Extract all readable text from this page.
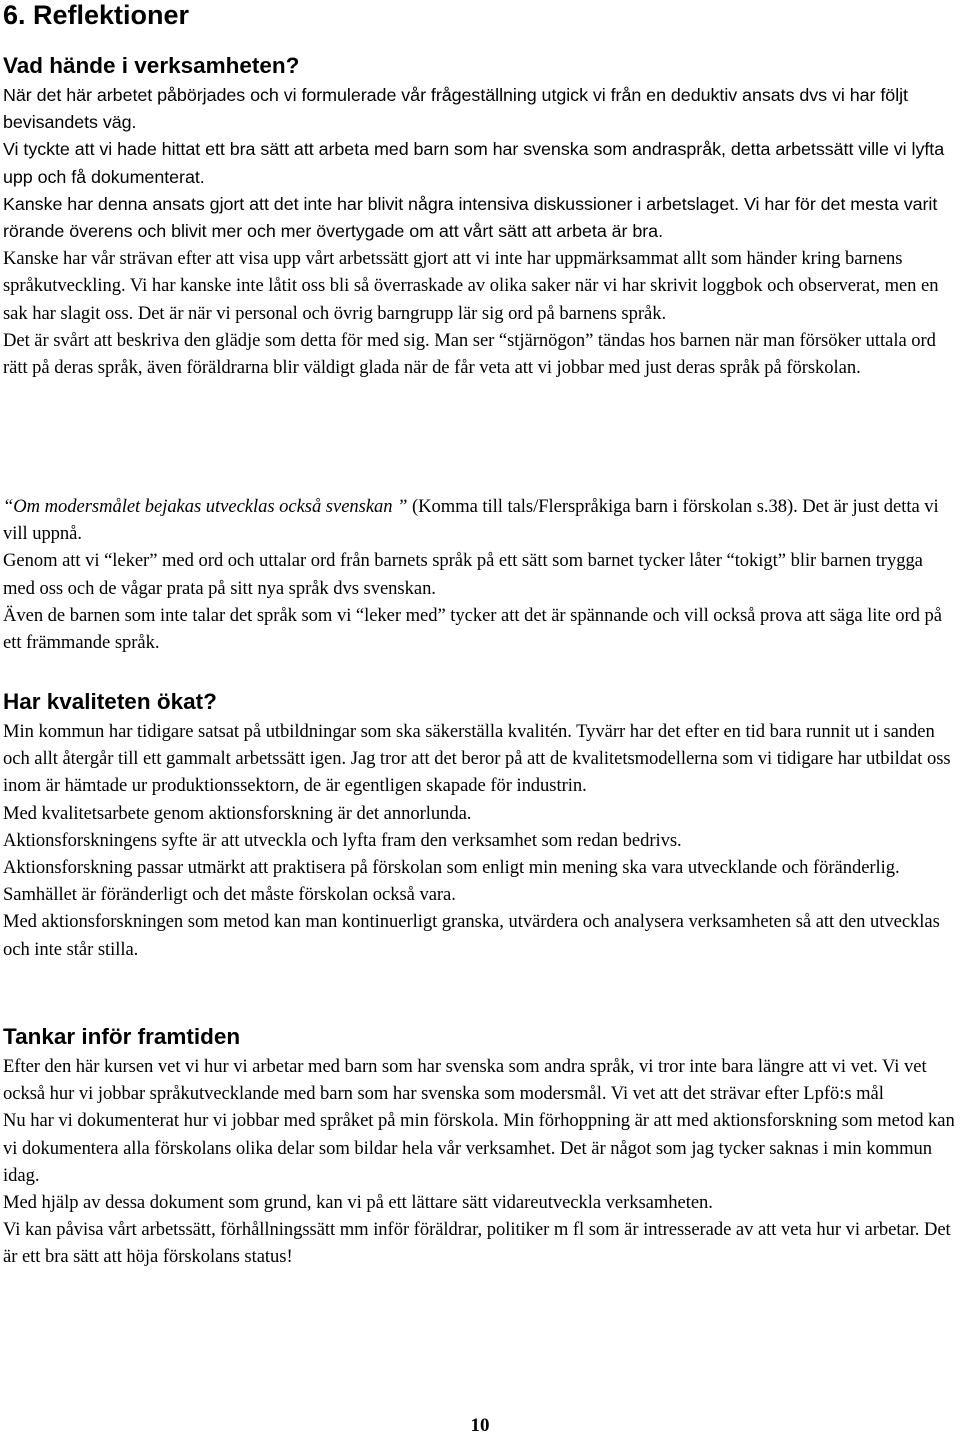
6. Reflektioner
Vad hände i verksamheten?
När det här arbetet påbörjades och vi formulerade vår frågeställning utgick vi från en deduktiv ansats dvs vi har följt bevisandets väg.
Vi tyckte att vi hade hittat ett bra sätt att arbeta med barn som har svenska som andraspråk, detta arbetssätt ville vi lyfta upp och få dokumenterat.
Kanske har denna ansats gjort att det inte har blivit några intensiva diskussioner i arbetslaget. Vi har för det mesta varit rörande överens och blivit mer och mer övertygade om att vårt sätt att arbeta är bra.
Kanske har vår strävan efter att visa upp vårt arbetssätt gjort att vi inte har uppmärksammat allt som händer kring barnens språkutveckling. Vi har kanske inte låtit oss bli så överraskade av olika saker när vi har skrivit loggbok och observerat, men en sak har slagit oss. Det är när vi personal och övrig barngrupp lär sig ord på barnens språk.
Det är svårt att beskriva den glädje som detta för med sig. Man ser “stjärnögon” tändas hos barnen när man försöker uttala ord rätt på deras språk, även föräldrarna blir väldigt glada när de får veta att vi jobbar med just deras språk på förskolan.
“Om modersmålet bejakas utvecklas också svenskan ” (Komma till tals/Flerspråkiga barn i förskolan s.38). Det är just detta vi vill uppnå.
Genom att vi “leker” med ord och uttalar ord från barnets språk på ett sätt som barnet tycker låter “tokigt” blir barnen trygga med oss och de vågar prata på sitt nya språk dvs svenskan.
Även de barnen som inte talar det språk som vi “leker med” tycker att det är spännande och vill också prova att säga lite ord på ett främmande språk.
Har kvaliteten ökat?
Min kommun har tidigare satsat på utbildningar som ska säkerställa kvalitén. Tyvärr har det efter en tid bara runnit ut i sanden och allt återgår till ett gammalt arbetssätt igen. Jag tror att det beror på att de kvalitetsmodellerna som vi tidigare har utbildat oss inom är hämtade ur produktionssektorn, de är egentligen skapade för industrin.
Med kvalitetsarbete genom aktionsforskning är det annorlunda.
Aktionsforskningens syfte är att utveckla och lyfta fram den verksamhet som redan bedrivs.
Aktionsforskning passar utmärkt att praktisera på förskolan som enligt min mening ska vara utvecklande och föränderlig. Samhället är föränderligt och det måste förskolan också vara.
Med aktionsforskningen som metod kan man kontinuerligt granska, utvärdera och analysera verksamheten så att den utvecklas och inte står stilla.
Tankar inför framtiden
Efter den här kursen vet vi hur vi arbetar med barn som har svenska som andra språk, vi tror inte bara längre att vi vet. Vi vet också hur vi jobbar språkutvecklande med barn som har svenska som modersmål. Vi vet att det strävar efter Lpfö:s mål
Nu har vi dokumenterat hur vi jobbar med språket på min förskola. Min förhoppning är att med aktionsforskning som metod kan vi dokumentera alla förskolans olika delar som bildar hela vår verksamhet. Det är något som jag tycker saknas i min kommun idag.
Med hjälp av dessa dokument som grund, kan vi på ett lättare sätt vidareutveckla verksamheten.
Vi kan påvisa vårt arbetssätt, förhållningssätt mm inför föräldrar, politiker m fl som är intresserade av att veta hur vi arbetar. Det är ett bra sätt att höja förskolans status!
10
